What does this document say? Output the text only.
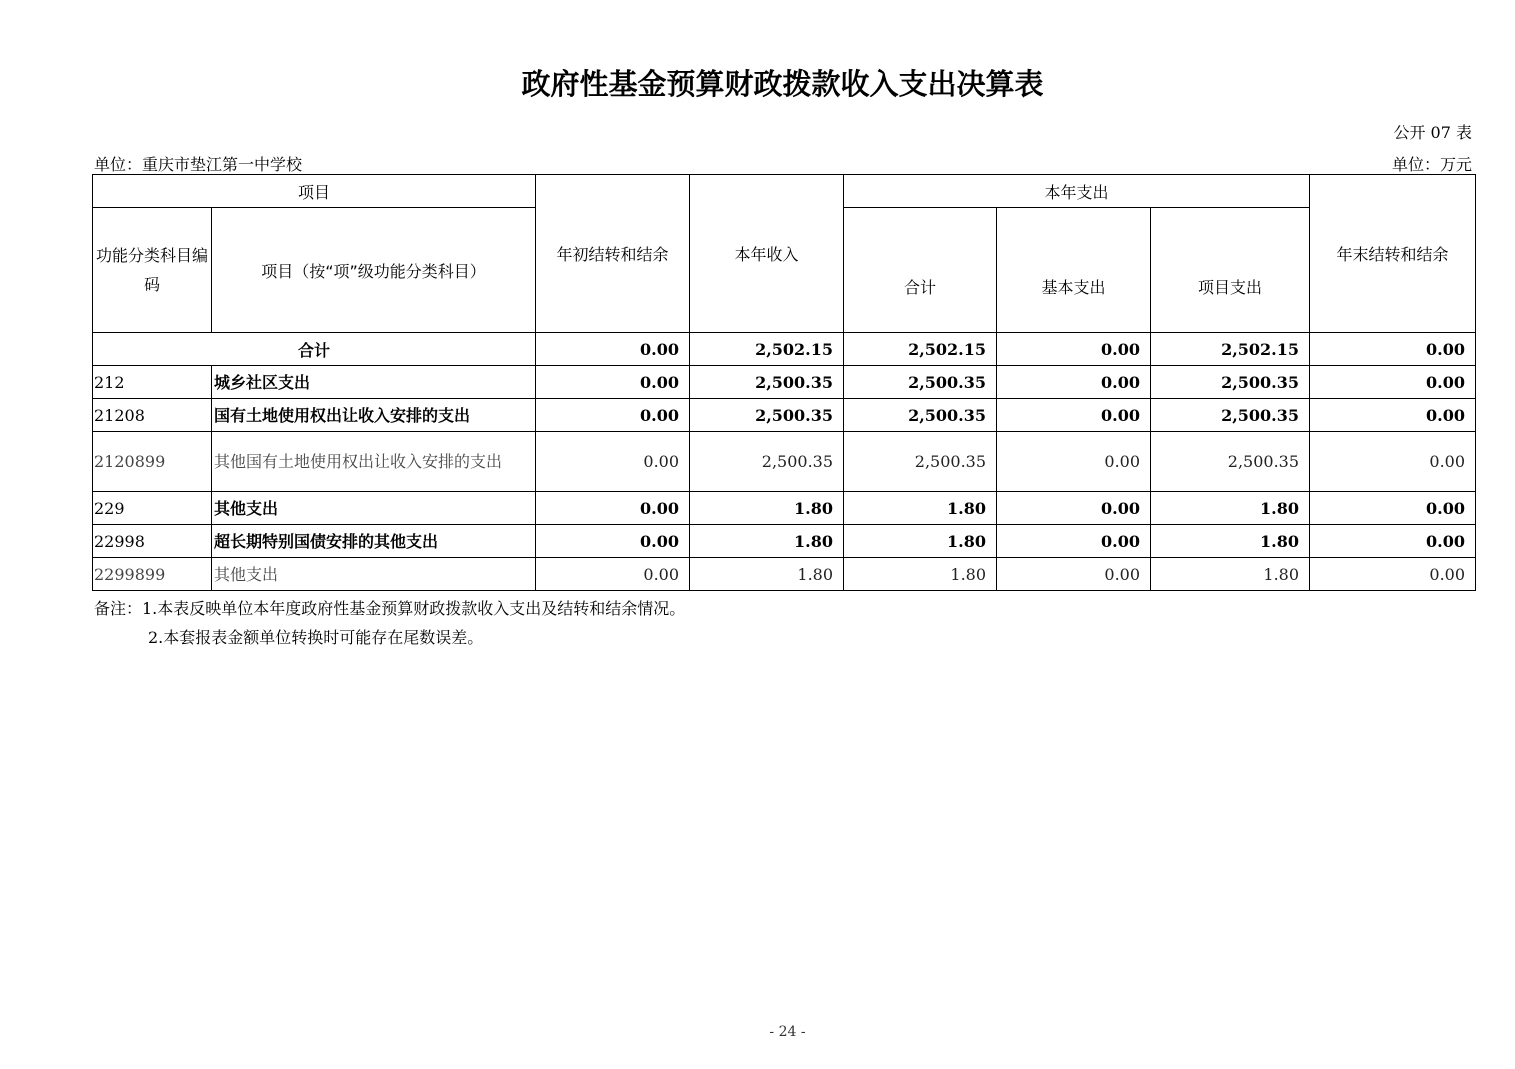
政府性基金预算财政拨款收入支出决算表
公开 07 表
单位：重庆市垫江第一中学校	单位：万元
项目		年初结转和结余	本年收入	本年支出			年末结转和结余
功能分类科目编码	项目（按“项”级功能分类科目）			合计	基本支出	项目支出	
合计		0.00	2,502.15	2,502.15	0.00	2,502.15	0.00
212	城乡社区支出	0.00	2,500.35	2,500.35	0.00	2,500.35	0.00
21208	国有土地使用权出让收入安排的支出	0.00	2,500.35	2,500.35	0.00	2,500.35	0.00
2120899	其他国有土地使用权出让收入安排的支出	0.00	2,500.35	2,500.35	0.00	2,500.35	0.00
229	其他支出	0.00	1.80	1.80	0.00	1.80	0.00
22998	超长期特别国债安排的其他支出	0.00	1.80	1.80	0.00	1.80	0.00
2299899	其他支出	0.00	1.80	1.80	0.00	1.80	0.00
备注：1.本表反映单位本年度政府性基金预算财政拨款收入支出及结转和结余情况。
2.本套报表金额单位转换时可能存在尾数误差。
- 24 -
